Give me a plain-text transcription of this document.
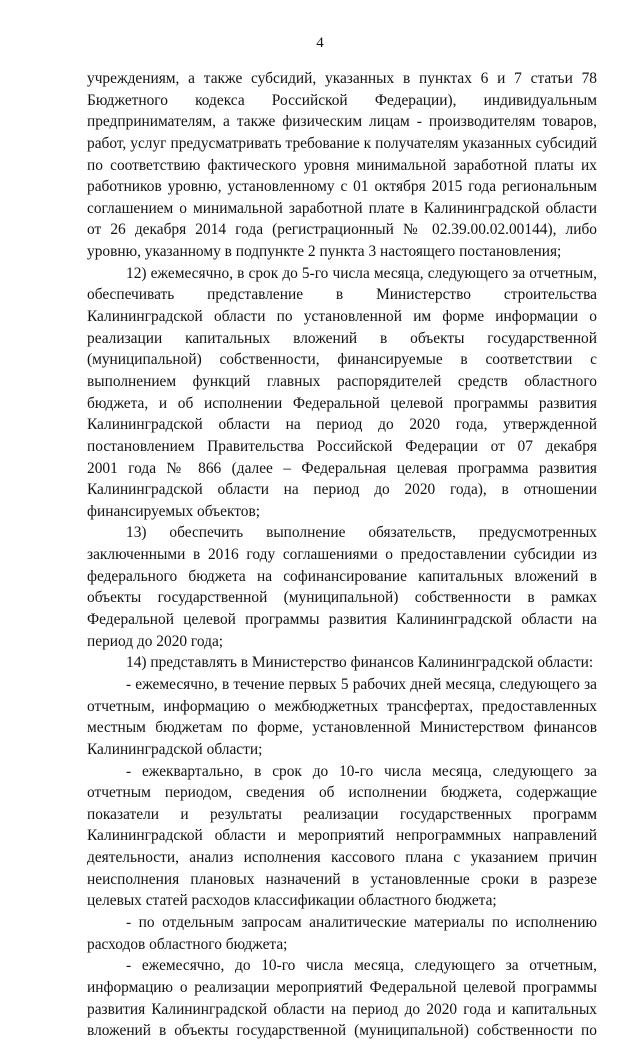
4
учреждениям, а также субсидий, указанных в пунктах 6 и 7 статьи 78
Бюджетного кодекса Российской Федерации), индивидуальным
предпринимателям, а также физическим лицам - производителям товаров,
работ, услуг предусматривать требование к получателям указанных субсидий
по соответствию фактического уровня минимальной заработной платы их
работников уровню, установленному с 01 октября 2015 года региональным
соглашением о минимальной заработной плате в Калининградской области
от 26 декабря 2014 года (регистрационный № 02.39.00.02.00144), либо
уровню, указанному в подпункте 2 пункта 3 настоящего постановления;
12) ежемесячно, в срок до 5-го числа месяца, следующего за отчетным,
обеспечивать представление в Министерство строительства
Калининградской области по установленной им форме информации о
реализации капитальных вложений в объекты государственной
(муниципальной) собственности, финансируемые в соответствии с
выполнением функций главных распорядителей средств областного
бюджета, и об исполнении Федеральной целевой программы развития
Калининградской области на период до 2020 года, утвержденной
постановлением Правительства Российской Федерации от 07 декабря
2001 года № 866 (далее – Федеральная целевая программа развития
Калининградской области на период до 2020 года), в отношении
финансируемых объектов;
13) обеспечить выполнение обязательств, предусмотренных
заключенными в 2016 году соглашениями о предоставлении субсидии из
федерального бюджета на софинансирование капитальных вложений в
объекты государственной (муниципальной) собственности в рамках
Федеральной целевой программы развития Калининградской области на
период до 2020 года;
14) представлять в Министерство финансов Калининградской области:
- ежемесячно, в течение первых 5 рабочих дней месяца, следующего за
отчетным, информацию о межбюджетных трансфертах, предоставленных
местным бюджетам по форме, установленной Министерством финансов
Калининградской области;
- ежеквартально, в срок до 10-го числа месяца, следующего за
отчетным периодом, сведения об исполнении бюджета, содержащие
показатели и результаты реализации государственных программ
Калининградской области и мероприятий непрограммных направлений
деятельности, анализ исполнения кассового плана с указанием причин
неисполнения плановых назначений в установленные сроки в разрезе
целевых статей расходов классификации областного бюджета;
- по отдельным запросам аналитические материалы по исполнению
расходов областного бюджета;
- ежемесячно, до 10-го числа месяца, следующего за отчетным,
информацию о реализации мероприятий Федеральной целевой программы
развития Калининградской области на период до 2020 года и капитальных
вложений в объекты государственной (муниципальной) собственности по
